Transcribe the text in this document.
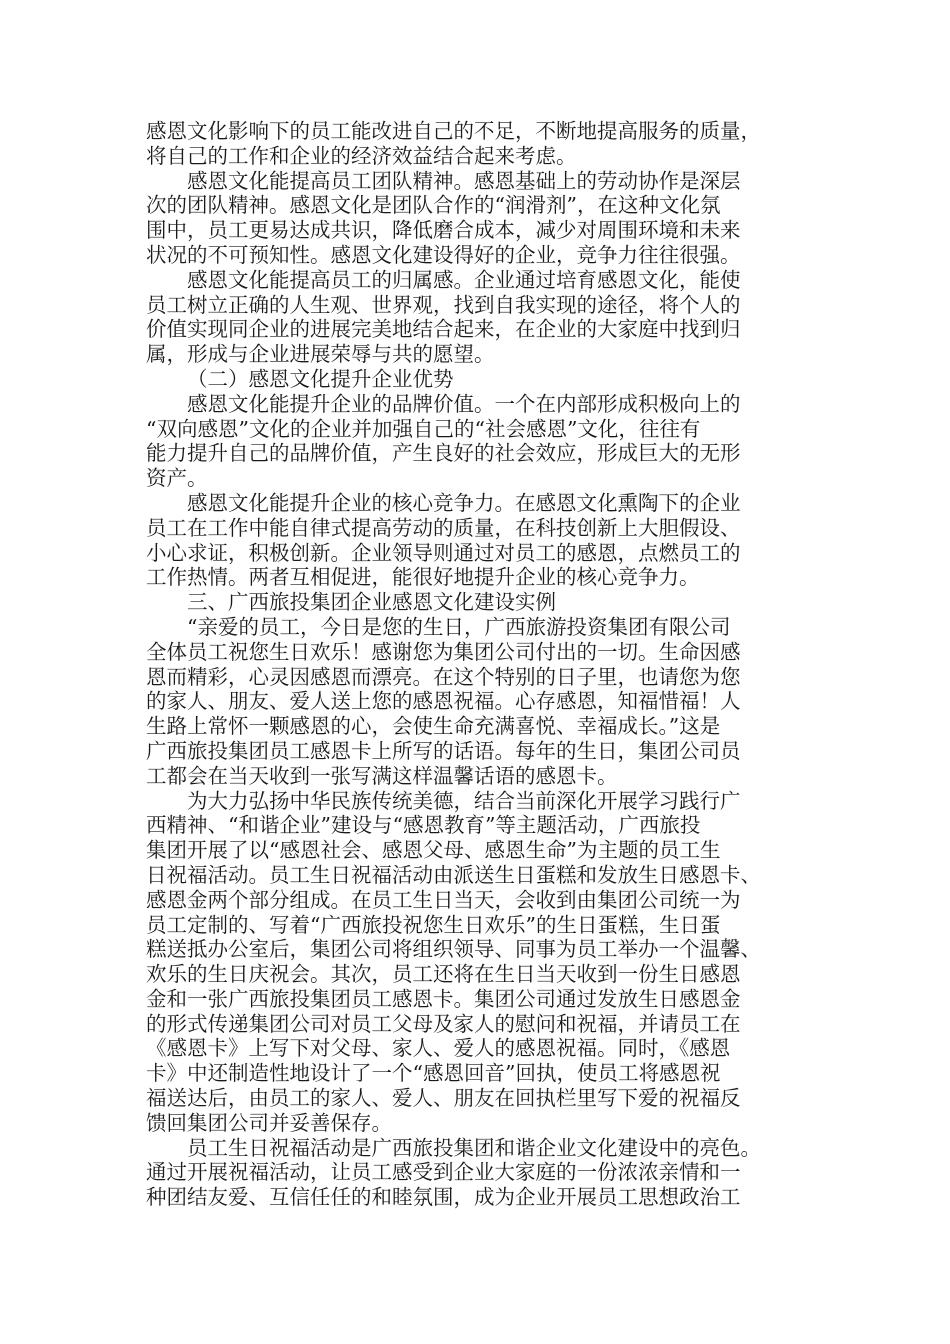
感恩文化影响下的员工能改进自己的不足，不断地提高服务的质量，
将自己的工作和企业的经济效益结合起来考虑。
感恩文化能提高员工团队精神。感恩基础上的劳动协作是深层
次的团队精神。感恩文化是团队合作的“润滑剂”，在这种文化氛
围中，员工更易达成共识，降低磨合成本，减少对周围环境和未来
状况的不可预知性。感恩文化建设得好的企业，竞争力往往很强。
感恩文化能提高员工的归属感。企业通过培育感恩文化，能使
员工树立正确的人生观、世界观，找到自我实现的途径，将个人的
价值实现同企业的进展完美地结合起来，在企业的大家庭中找到归
属，形成与企业进展荣辱与共的愿望。
（二）感恩文化提升企业优势
感恩文化能提升企业的品牌价值。一个在内部形成积极向上的
“双向感恩”文化的企业并加强自己的“社会感恩”文化，往往有
能力提升自己的品牌价值，产生良好的社会效应，形成巨大的无形
资产。
感恩文化能提升企业的核心竞争力。在感恩文化熏陶下的企业
员工在工作中能自律式提高劳动的质量，在科技创新上大胆假设、
小心求证，积极创新。企业领导则通过对员工的感恩，点燃员工的
工作热情。两者互相促进，能很好地提升企业的核心竞争力。
三、广西旅投集团企业感恩文化建设实例
“亲爱的员工，今日是您的生日，广西旅游投资集团有限公司
全体员工祝您生日欢乐！感谢您为集团公司付出的一切。生命因感
恩而精彩，心灵因感恩而漂亮。在这个特别的日子里，也请您为您
的家人、朋友、爱人送上您的感恩祝福。心存感恩，知福惜福！人
生路上常怀一颗感恩的心，会使生命充满喜悦、幸福成长。”这是
广西旅投集团员工感恩卡上所写的话语。每年的生日，集团公司员
工都会在当天收到一张写满这样温馨话语的感恩卡。
为大力弘扬中华民族传统美德，结合当前深化开展学习践行广
西精神、“和谐企业”建设与“感恩教育”等主题活动，广西旅投
集团开展了以“感恩社会、感恩父母、感恩生命”为主题的员工生
日祝福活动。员工生日祝福活动由派送生日蛋糕和发放生日感恩卡、
感恩金两个部分组成。在员工生日当天，会收到由集团公司统一为
员工定制的、写着“广西旅投祝您生日欢乐”的生日蛋糕，生日蛋
糕送抵办公室后，集团公司将组织领导、同事为员工举办一个温馨、
欢乐的生日庆祝会。其次，员工还将在生日当天收到一份生日感恩
金和一张广西旅投集团员工感恩卡。集团公司通过发放生日感恩金
的形式传递集团公司对员工父母及家人的慰问和祝福，并请员工在
《感恩卡》上写下对父母、家人、爱人的感恩祝福。同时，《感恩
卡》中还制造性地设计了一个“感恩回音”回执，使员工将感恩祝
福送达后，由员工的家人、爱人、朋友在回执栏里写下爱的祝福反
馈回集团公司并妥善保存。
员工生日祝福活动是广西旅投集团和谐企业文化建设中的亮色。
通过开展祝福活动，让员工感受到企业大家庭的一份浓浓亲情和一
种团结友爱、互信任任的和睦氛围，成为企业开展员工思想政治工
